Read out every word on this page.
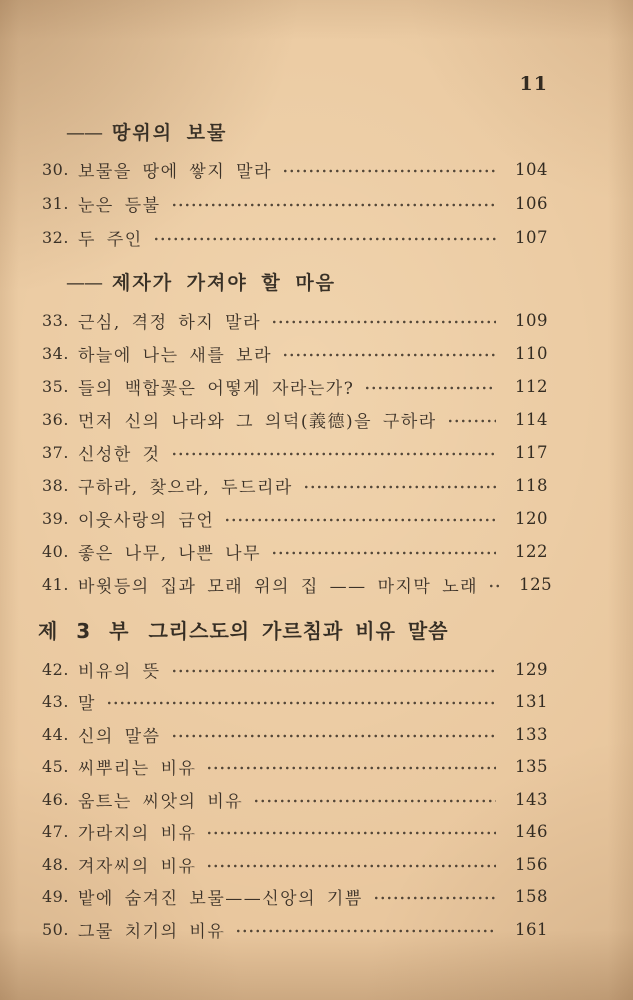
11
—— 땅위의 보물
30. 보물을 땅에 쌓지 말라	104
31. 눈은 등불	106
32. 두 주인	107
—— 제자가 가져야 할 마음
33. 근심, 격정 하지 말라	109
34. 하늘에 나는 새를 보라	110
35. 들의 백합꽃은 어떻게 자라는가?	112
36. 먼저 신의 나라와 그 의덕(義德)을 구하라	114
37. 신성한 것	117
38. 구하라, 찾으라, 두드리라	118
39. 이웃사랑의 금언	120
40. 좋은 나무, 나쁜 나무	122
41. 바윗등의 집과 모래 위의 집 —— 마지막 노래	125
제 3 부 그리스도의 가르침과 비유 말씀
42. 비유의 뜻	129
43. 말	131
44. 신의 말씀	133
45. 씨뿌리는 비유	135
46. 움트는 씨앗의 비유	143
47. 가라지의 비유	146
48. 겨자씨의 비유	156
49. 밭에 숨겨진 보물——신앙의 기쁨	158
50. 그물 치기의 비유	161
